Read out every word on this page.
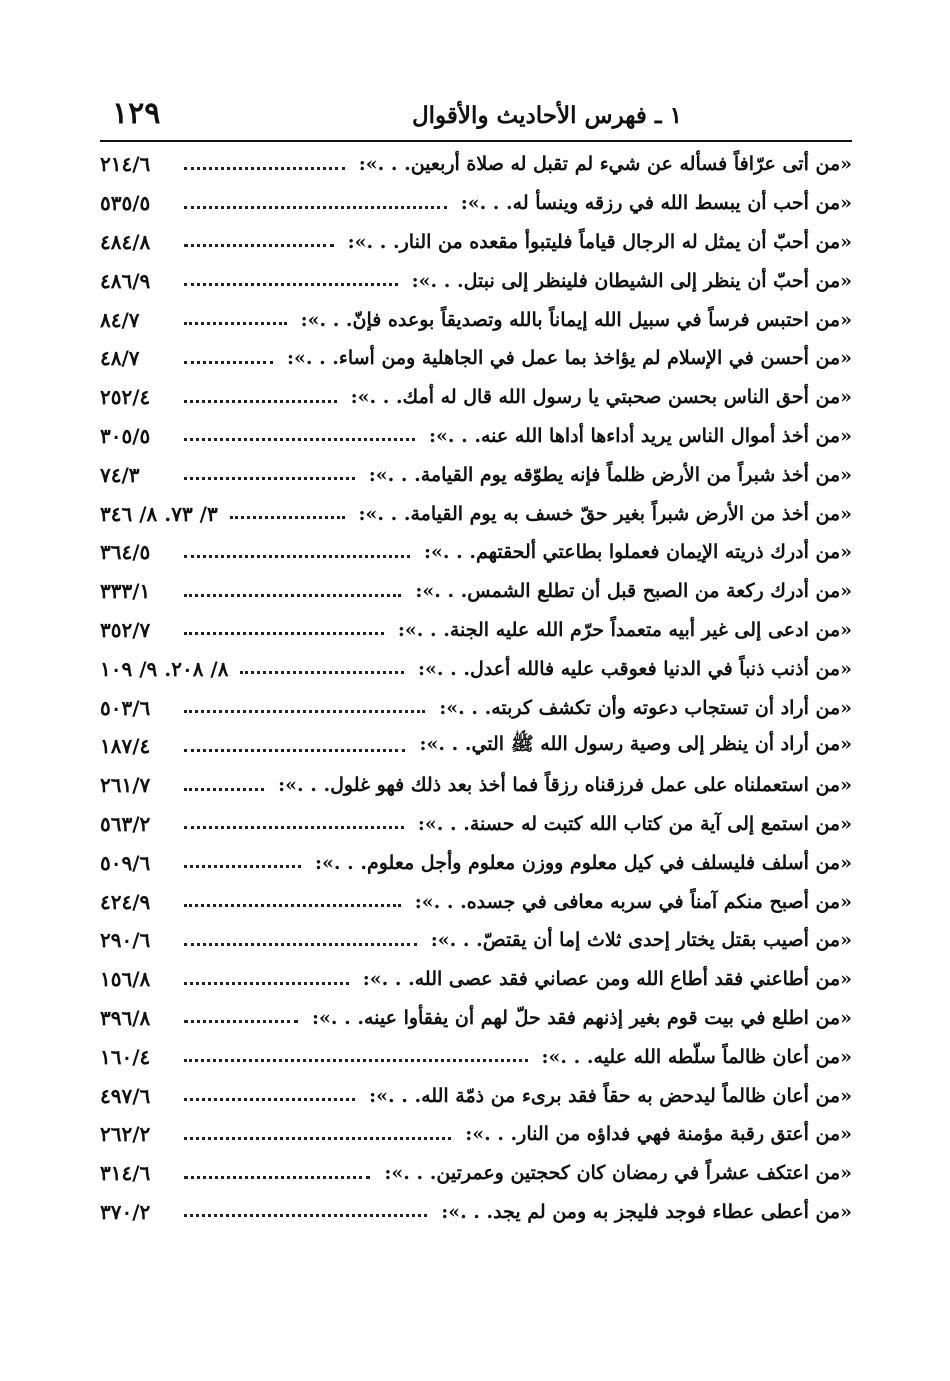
١ ـ فهرس الأحاديث والأقوال
١٢٩
«من أتى عرّافاً فسأله عن شيء لم تقبل له صلاة أربعين. . .»:
٢١٤/٦
«من أحب أن يبسط الله في رزقه وينسأ له. . .»:
٥٣٥/٥
«من أحبّ أن يمثل له الرجال قياماً فليتبوأ مقعده من النار. . .»:
٤٨٤/٨
«من أحبّ أن ينظر إلى الشيطان فلينظر إلى نبتل. . .»:
٤٨٦/٩
«من احتبس فرساً في سبيل الله إيماناً بالله وتصديقاً بوعده فإنّ. . .»:
٨٤/٧
«من أحسن في الإسلام لم يؤاخذ بما عمل في الجاهلية ومن أساء. . .»:
٤٨/٧
«من أحق الناس بحسن صحبتي يا رسول الله قال له أمك. . .»:
٢٥٢/٤
«من أخذ أموال الناس يريد أداءها أداها الله عنه. . .»:
٣٠٥/٥
«من أخذ شبراً من الأرض ظلماً فإنه يطوّقه يوم القيامة. . .»:
٧٤/٣
«من أخذ من الأرض شبراً بغير حقّ خسف به يوم القيامة. . .»:
٣/ ٧٣. ٨/ ٣٤٦
«من أدرك ذريته الإيمان فعملوا بطاعتي ألحقتهم. . .»:
٣٦٤/٥
«من أدرك ركعة من الصبح قبل أن تطلع الشمس. . .»:
٣٣٣/١
«من ادعى إلى غير أبيه متعمداً حرّم الله عليه الجنة. . .»:
٣٥٢/٧
«من أذنب ذنباً في الدنيا فعوقب عليه فالله أعدل. . .»:
٨/ ٢٠٨. ٩/ ١٠٩
«من أراد أن تستجاب دعوته وأن تكشف كربته. . .»:
٥٠٣/٦
«من أراد أن ينظر إلى وصية رسول الله ﷺ التي. . .»:
١٨٧/٤
«من استعملناه على عمل فرزقناه رزقاً فما أخذ بعد ذلك فهو غلول. . .»:
٢٦١/٧
«من استمع إلى آية من كتاب الله كتبت له حسنة. . .»:
٥٦٣/٢
«من أسلف فليسلف في كيل معلوم ووزن معلوم وأجل معلوم. . .»:
٥٠٩/٦
«من أصبح منكم آمناً في سربه معافى في جسده. . .»:
٤٢٤/٩
«من أصيب بقتل يختار إحدى ثلاث إما أن يقتصّ. . .»:
٢٩٠/٦
«من أطاعني فقد أطاع الله ومن عصاني فقد عصى الله. . .»:
١٥٦/٨
«من اطلع في بيت قوم بغير إذنهم فقد حلّ لهم أن يفقأوا عينه. . .»:
٣٩٦/٨
«من أعان ظالماً سلّطه الله عليه. . .»:
١٦٠/٤
«من أعان ظالماً ليدحض به حقاً فقد برىء من ذمّة الله. . .»:
٤٩٧/٦
«من أعتق رقبة مؤمنة فهي فداؤه من النار. . .»:
٢٦٢/٢
«من اعتكف عشراً في رمضان كان كحجتين وعمرتين. . .»:
٣١٤/٦
«من أعطى عطاء فوجد فليجز به ومن لم يجد. . .»:
٣٧٠/٢
